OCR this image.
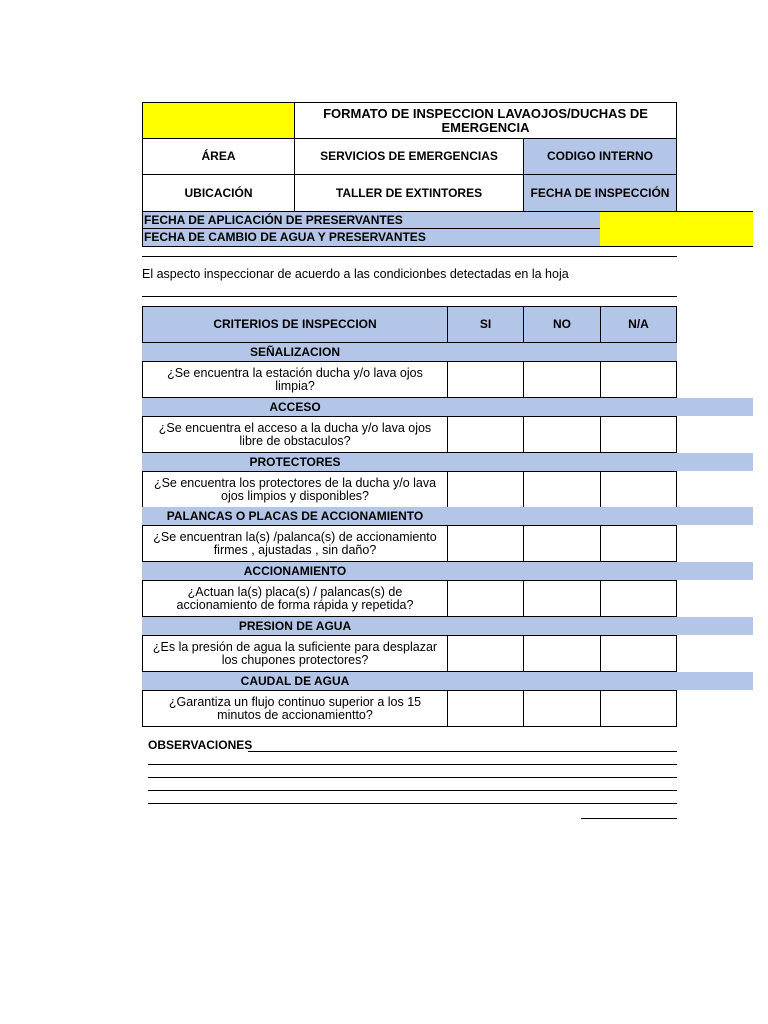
FORMATO DE INSPECCION LAVAOJOS/DUCHAS DE EMERGENCIA
ÁREA	SERVICIOS DE EMERGENCIAS	CODIGO INTERNO
UBICACIÓN	TALLER DE EXTINTORES	FECHA DE INSPECCIÓN
FECHA DE APLICACIÓN DE PRESERVANTES
FECHA DE CAMBIO DE AGUA Y PRESERVANTES
El aspecto inspeccionar de acuerdo a las condicionbes detectadas en la hoja
CRITERIOS DE INSPECCION	SI	NO	N/A
SEÑALIZACION
¿Se encuentra la estación ducha y/o lava ojos limpia?
ACCESO
¿Se encuentra el acceso a la ducha y/o lava ojos libre de obstaculos?
PROTECTORES
¿Se encuentra los protectores de la ducha y/o lava ojos limpios y disponibles?
PALANCAS O PLACAS DE ACCIONAMIENTO
¿Se encuentran la(s) /palanca(s) de accionamiento firmes , ajustadas , sin daño?
ACCIONAMIENTO
¿Actuan la(s) placa(s) / palancas(s) de accionamiento de forma rápida y repetida?
PRESION DE AGUA
¿Es la presión de agua la suficiente para desplazar los chupones protectores?
CAUDAL DE AGUA
¿Garantiza un flujo continuo superior a los 15 minutos de accionamientto?
OBSERVACIONES
